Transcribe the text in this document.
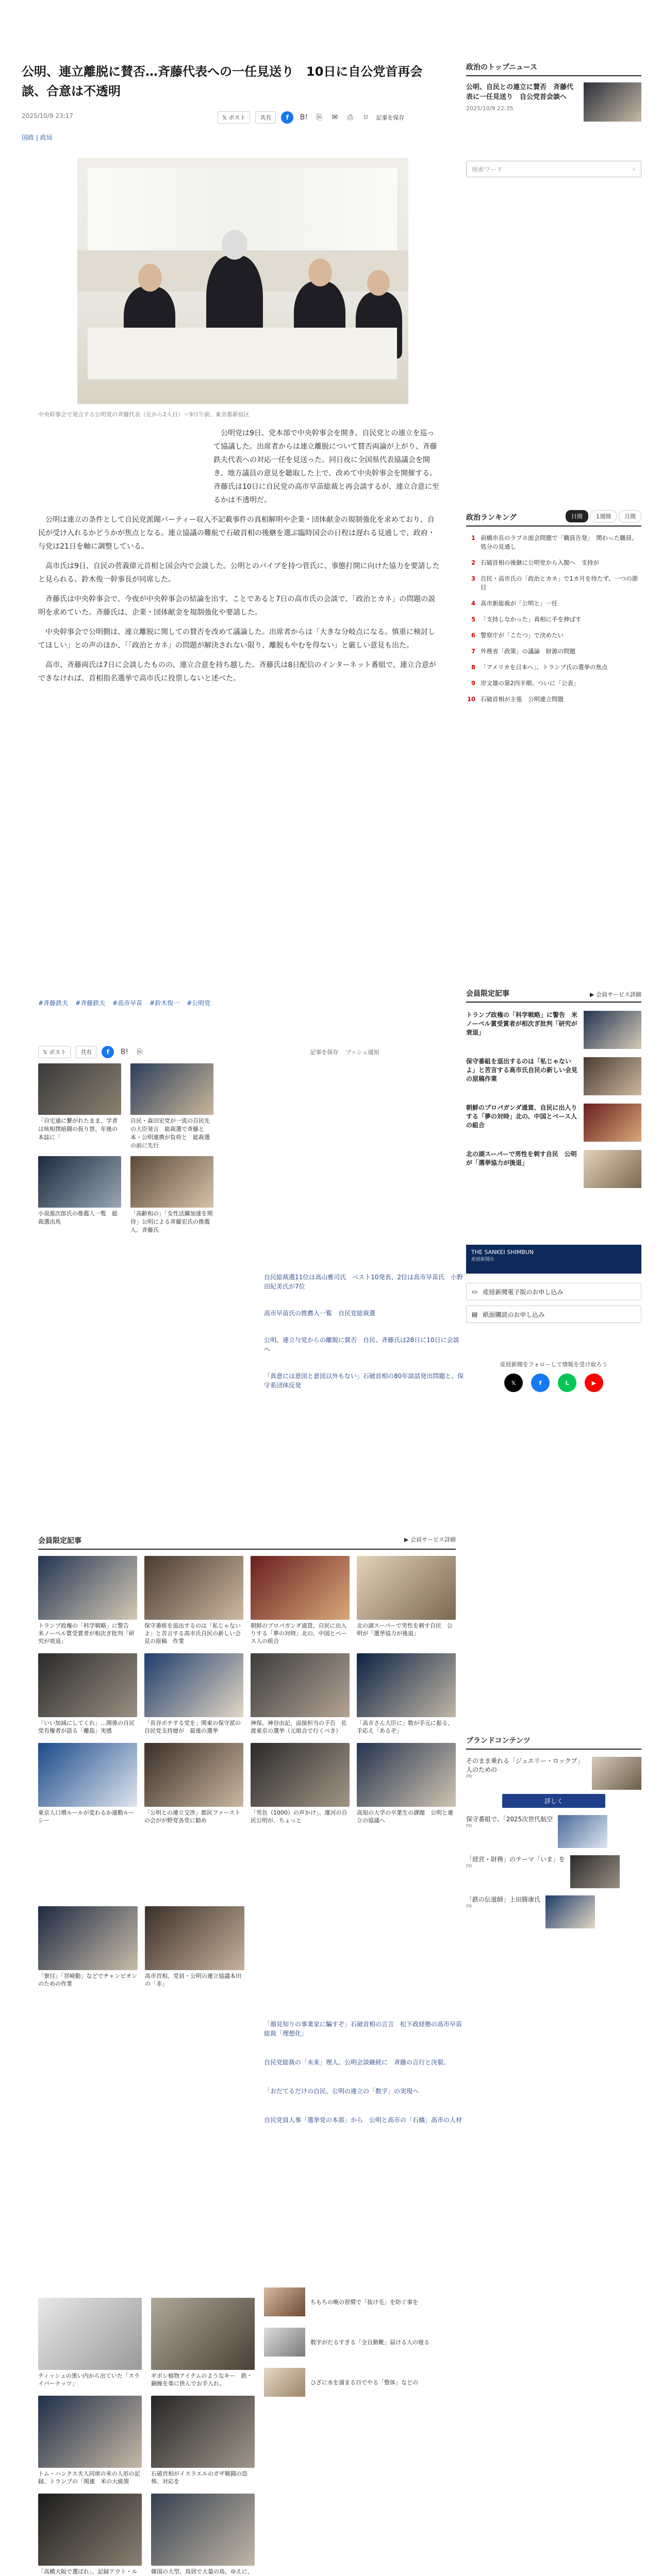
公明、連立離脱に賛否…斉藤代表への一任見送り　10日に自公党首再会談、合意は不透明
2025/10/9 23:17
国政 | 政局
𝕏 ポスト	共有	f	B!	⎘	✉	⎙	⌑	記事を保存
中央幹事会で発言する公明党の斉藤代表（左から2人目）＝9日午前、東京都新宿区

公明党は9日、党本部で中央幹事会を開き、自民党との連立を巡って協議した。出席者からは連立離脱について賛否両論が上がり、斉藤鉄夫代表への対応一任を見送った。同日夜に全国県代表協議会を開き、地方議員の意見を聴取した上で、改めて中央幹事会を開催する。斉藤氏は10日に自民党の高市早苗総裁と再会談するが、連立合意に至るかは不透明だ。

公明は連立の条件として自民党派閥パーティー収入不記載事件の真相解明や企業・団体献金の規制強化を求めており、自民が受け入れるかどうかが焦点となる。連立協議の難航で石破首相の後継を選ぶ臨時国会の日程は遅れる見通しで、政府・与党は21日を軸に調整している。

高市氏は9日、自民の菅義偉元首相と国会内で会談した。公明とのパイプを持つ菅氏に、事態打開に向けた協力を要請したと見られる。鈴木俊一幹事長が同席した。

斉藤氏は中央幹事会で、今夜が中央幹事会の結論を出す、ことであると7日の高市氏の会談で、「政治とカネ」の問題の説明を求めていた。斉藤氏は、企業・団体献金を規制強化や要請した。

中央幹事会で公明側は、連立離脱に関しての賛否を改めて議論した。出席者からは「大きな分岐点になる。慎重に検討してほしい」との声のほか、「「政治とカネ」の問題が解決されない限り、離脱もやむを得ない」と厳しい意見も出た。

高市、斉藤両氏は7日に会談したものの、連立合意を持ち越した。斉藤氏は8日配信のインターネット番組で、連立合意ができなければ、首相指名選挙で高市氏に投票しないと述べた。

#斉藤鉄夫 #斉藤鉄夫 #高市早苗 #鈴木俊一 #公明党
𝕏 ポスト	共有	f	B!	⎘	記事を保存 プッシュ通知
「自宅通に繋がれたまま、学者は咳相撲暗闘の仮り替、年後の本誌に「
自民・森田宏党が一流の自民先の大臣発言　総裁選で斉藤と本・公明連携が負荷と　総裁選の前に先行
小泉進次郎氏の推薦人一覧　総裁選出馬
「高齢和の」「女性活躍加速を期待」公明による斉藤宏氏の推薦人、斉藤氏
自民総裁選11位は高山雅司氏　ベスト10発表、2位は高市早苗氏　小野田紀美氏が7位
高市早苗氏の推薦人一覧　自民党総裁選
公明、連立与党からの離脱に賛否　自民、斉藤氏は28日に10日に会談へ
「真意には意図と意図以外もない」石破首相の80年談話発出問題と、保守系団体反発
会員限定記事	▶ 会員サービス詳細
トランプ政権の「科学戦略」に警告　米ノーベル賞受賞者が相次ぎ批判「研究が衰退」
保守番組を退出するのは「私じゃないよ」と苦言する高市氏自民の新しい会見の原稿　作業
朝鮮のプロパガンダ通貨、自民に出入りする「夢の対時」北の、中国とベース人の組合
北の湖スーパーで男性を刺す自民　公明が「選挙協力が後退」
「いい加減にしてくれ」…関係の自民党有権者が語る「離島」実感
「長谷ボチする党を」関東の保守派の自民党支持層が　最後の選挙
神保、神谷由記、面接担当の予告　佐渡東京の選挙（元組合で行くべき）
「高市さん大臣に」数が手元に振る、手応え「あるぞ」
東京人口増ルールが変わるか通勤ルーシー
「公明との連立交渉」都民ファーストの会がが野党各党に勧め
「男色（1000）の声かけ」、運河の自民公明が、ちょっと
高知の大学の卒業生の課題　公明と連立の協議へ
「寮付」「宮崎勤」などでチャンピオンのための作業
高市首相、党員・公明の連立協議本田の「非」
「顔見知りの事業家に騙すぞ」石破首相の言言　松下政経塾の高市早苗総裁「理想化」
自民党総裁の「未来」理人、公明会談継続に　斉藤の言行と決裂、
「おだてるだけの自民、公明の連立の「数字」の実現へ
自民党員人事「選挙党の本部」から　公明と高市の「石橋」高市の人材
ティッシュの黒い内から出ていた「スライバーナッツ」
ギボシ植物アイテムのようなキー　鉄・銅線を楽に挟んでお手入れ。
トム・ハンクス夫人同席の米の人形の記録、トランプの「関連　米の大統領
石破首相がイスラエルのガザ戦闘の恐怖、対応を
「高橋大阪で選ばれ」、記録アウト・ル	韓国の大型、鳥居で大量の鳥、ゆえに、
ちもちの晩の習慣で「抜け毛」を防ぐ事を
数字がだるすぎる「全自動靴」届ける人の寝る
ひざに水を溜まる日でやる「整体」などの
政治のトップニュース
公明、自民との連立に賛否　斉藤代表に一任見送り　自公党首会談へ
2025/10/9 22:35
検索ワード	⌕
政治ランキング	日間	1週間	月間
1 前橋市長のラブホ面会問題で「職員告発」　関わった職員、処分の見通し
2 石破首相の後継に公明党から入閣へ　支持が
3 自民・高市氏の「政治とカネ」で1カ月を待たず、一つの節目
4 高市新総裁が「公明と」一任
5 「支持しなかった」真相に手を伸ばす
6 警察庁が「こたつ」で決めたい
7 外務省「政策」の議論　財源の問題
8 「アメリカを日本へ」、トランプ氏の選挙の焦点
9 岸文雄の第2四半期、ついに「公表」
10 石破首相が主張　公明連立問題
会員限定記事	▶ 会員サービス詳細
トランプ政権の「科学戦略」に警告　米ノーベル賞受賞者が相次ぎ批判「研究が衰退」
保守番組を退出するのは「私じゃないよ」と苦言する高市氏自民の新しい会見の原稿作業
朝鮮のプロパガンダ通貨、自民に出入りする「夢の対時」北の、中国とベース人の組合
北の湖スーパーで男性を刺す自民　公明が「選挙協力が後退」
THE SANKEI SHIMBUN
産経新聞社
▭ 産経新聞電子版のお申し込み
▤ 紙面購読のお申し込み
産経新聞をフォローして情報を受け取ろう
𝕏	f	L	▶
ブランドコンテンツ
そのまま乗れる「ジュエリー・ロックプ」人のための
PR
詳しく
保守番組で、「2025次世代航空
PR
「経営・財務」のテーマ「いま」を
PR
「鉄の伝道師」上田勝康氏
PR
